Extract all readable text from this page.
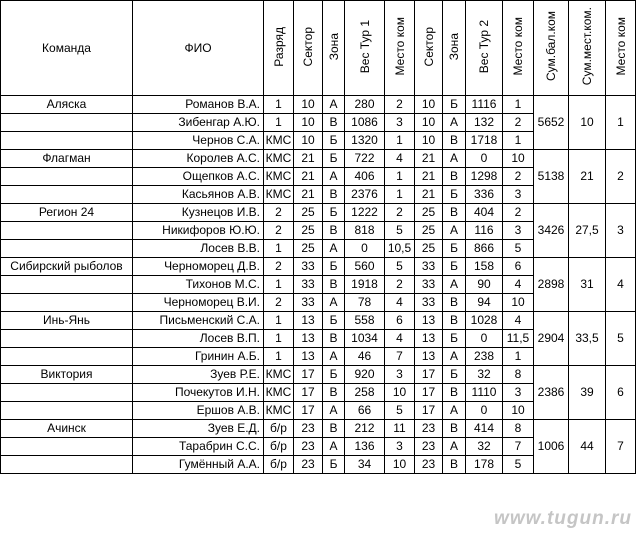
Команда	ФИО	Разряд	Сектор	Зона	Вес Тур 1	Место ком	Сектор	Зона	Вес Тур 2	Место ком	Сум.бал.ком	Сум.мест.ком.	Место ком
Аляска	Романов В.А.	1	10	А	280	2	10	Б	1116	1	5652	10	1
	Зибенгар А.Ю.	1	10	В	1086	3	10	А	132	2			
	Чернов С.А.	КМС	10	Б	1320	1	10	В	1718	1			
Флагман	Королев А.С.	КМС	21	Б	722	4	21	А	0	10	5138	21	2
	Ощепков А.С.	КМС	21	А	406	1	21	В	1298	2			
	Касьянов А.В.	КМС	21	В	2376	1	21	Б	336	3			
Регион 24	Кузнецов И.В.	2	25	Б	1222	2	25	В	404	2	3426	27,5	3
	Никифоров Ю.Ю.	2	25	В	818	5	25	А	116	3			
	Лосев В.В.	1	25	А	0	10,5	25	Б	866	5			
Сибирский рыболов	Черноморец Д.В.	2	33	Б	560	5	33	Б	158	6	2898	31	4
	Тихонов М.С.	1	33	В	1918	2	33	А	90	4			
	Черноморец В.И.	2	33	А	78	4	33	В	94	10			
Инь-Янь	Письменский С.А.	1	13	Б	558	6	13	В	1028	4	2904	33,5	5
	Лосев В.П.	1	13	В	1034	4	13	Б	0	11,5			
	Гринин А.Б.	1	13	А	46	7	13	А	238	1			
Виктория	Зуев Р.Е.	КМС	17	Б	920	3	17	Б	32	8	2386	39	6
	Почекутов И.Н.	КМС	17	В	258	10	17	В	1110	3			
	Ершов А.В.	КМС	17	А	66	5	17	А	0	10			
Ачинск	Зуев Е.Д.	б/р	23	В	212	11	23	В	414	8	1006	44	7
	Тарабрин С.С.	б/р	23	А	136	3	23	А	32	7			
	Гумённый А.А.	б/р	23	Б	34	10	23	В	178	5			
www.tugun.ru
